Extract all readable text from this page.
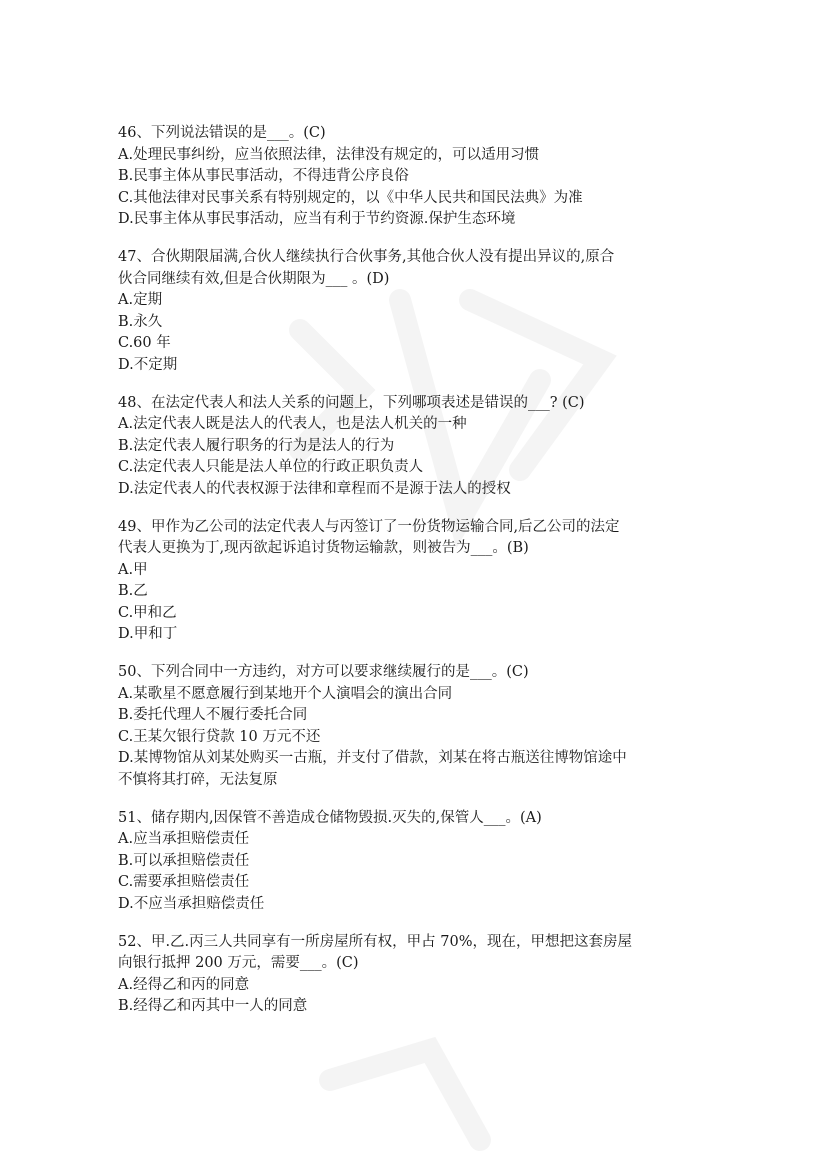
46、下列说法错误的是___。(C)
A.处理民事纠纷，应当依照法律，法律没有规定的，可以适用习惯
B.民事主体从事民事活动，不得违背公序良俗
C.其他法律对民事关系有特别规定的，以《中华人民共和国民法典》为准
D.民事主体从事民事活动，应当有利于节约资源.保护生态环境
47、合伙期限届满,合伙人继续执行合伙事务,其他合伙人没有提出异议的,原合
伙合同继续有效,但是合伙期限为___ 。(D)
A.定期
B.永久
C.60 年
D.不定期
48、在法定代表人和法人关系的问题上，下列哪项表述是错误的___? (C)
A.法定代表人既是法人的代表人，也是法人机关的一种
B.法定代表人履行职务的行为是法人的行为
C.法定代表人只能是法人单位的行政正职负责人
D.法定代表人的代表权源于法律和章程而不是源于法人的授权
49、甲作为乙公司的法定代表人与丙签订了一份货物运输合同,后乙公司的法定
代表人更换为丁,现丙欲起诉追讨货物运输款，则被告为___。(B)
A.甲
B.乙
C.甲和乙
D.甲和丁
50、下列合同中一方违约，对方可以要求继续履行的是___。(C)
A.某歌星不愿意履行到某地开个人演唱会的演出合同
B.委托代理人不履行委托合同
C.王某欠银行贷款 10 万元不还
D.某博物馆从刘某处购买一古瓶，并支付了借款，刘某在将古瓶送往博物馆途中
不慎将其打碎，无法复原
51、储存期内,因保管不善造成仓储物毁损.灭失的,保管人___。(A)
A.应当承担赔偿责任
B.可以承担赔偿责任
C.需要承担赔偿责任
D.不应当承担赔偿责任
52、甲.乙.丙三人共同享有一所房屋所有权，甲占 70%，现在，甲想把这套房屋
向银行抵押 200 万元，需要___。(C)
A.经得乙和丙的同意
B.经得乙和丙其中一人的同意
